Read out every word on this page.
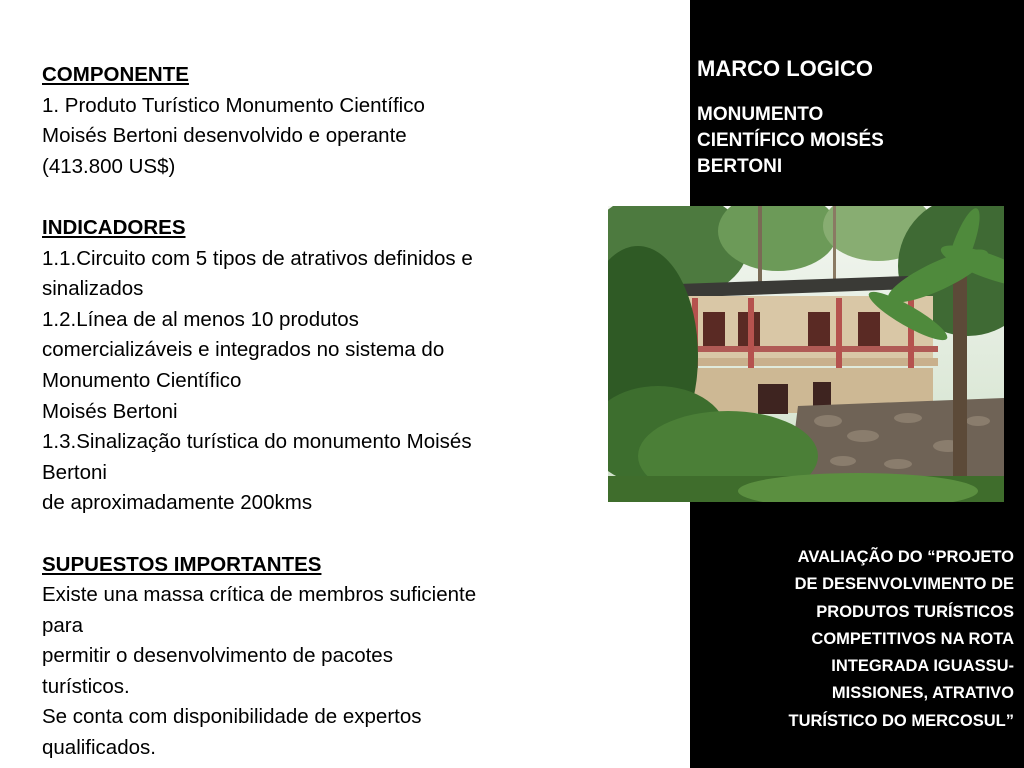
COMPONENTE
1. Produto Turístico Monumento Científico
Moisés Bertoni desenvolvido e operante
(413.800 US$)
INDICADORES
1.1.Circuito com 5 tipos de atrativos definidos e
sinalizados
1.2.Línea de al menos 10 produtos
comercializáveis e integrados no sistema do
Monumento Científico
Moisés Bertoni
1.3.Sinalização turística do monumento Moisés
Bertoni
de aproximadamente 200kms
SUPUESTOS IMPORTANTES
Existe una massa crítica de membros suficiente
para
permitir o desenvolvimento de pacotes
turísticos.
Se conta com disponibilidade de expertos
qualificados.
MARCO LOGICO
MONUMENTO
CIENTÍFICO MOISÉS
BERTONI
AVALIAÇÃO DO “PROJETO
DE DESENVOLVIMENTO DE
PRODUTOS TURÍSTICOS
COMPETITIVOS NA ROTA
INTEGRADA IGUASSU-
MISSIONES, ATRATIVO
TURÍSTICO DO MERCOSUL”
